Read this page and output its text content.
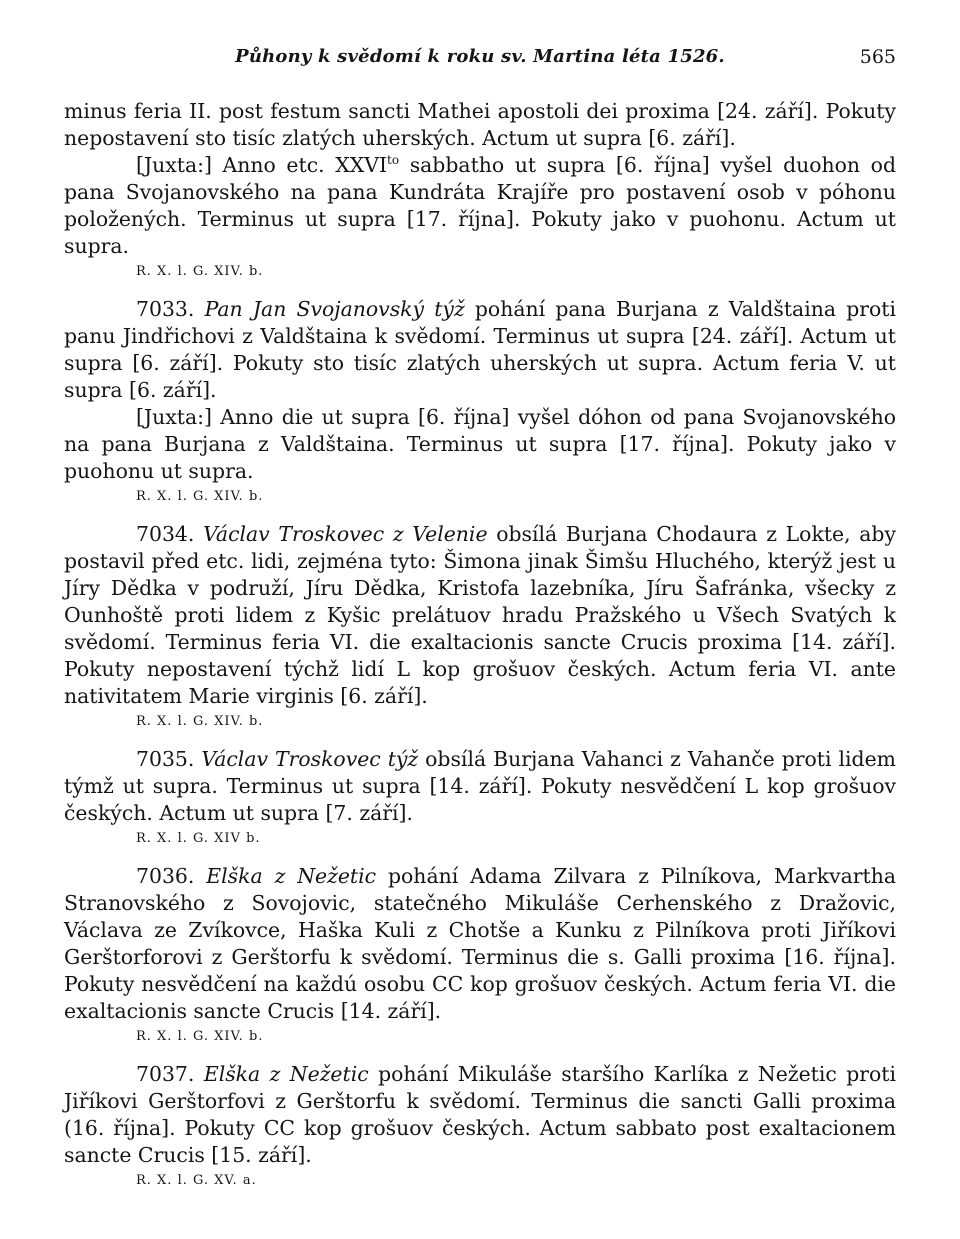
Půhony k svědomí k roku sv. Martina léta 1526.	565

minus feria II. post festum sancti Mathei apostoli dei proxima [24. září]. Pokuty nepostavení sto tisíc zlatých uherských. Actum ut supra [6. září].

[Juxta:] Anno etc. $XXVI^{to}$ sabbatho ut supra [6. října] vyšel duohon od pana Svojanovského na pana Kundráta Krajíře pro postavení osob v póhonu položených. Terminus ut supra [17. října]. Pokuty jako v puohonu. Actum ut supra.

R. X. l. G. XIV. b.

7033. Pan Jan Svojanovský týž pohání pana Burjana z Valdštaina proti panu Jindřichovi z Valdštaina k svědomí. Terminus ut supra [24. září]. Actum ut supra [6. září]. Pokuty sto tisíc zlatých uherských ut supra. Actum feria V. ut supra [6. září].

[Juxta:] Anno die ut supra [6. října] vyšel dóhon od pana Svojanovského na pana Burjana z Valdštaina. Terminus ut supra [17. října]. Pokuty jako v puohonu ut supra.

R. X. l. G. XIV. b.

7034. Václav Troskovec z Velenie obsílá Burjana Chodaura z Lokte, aby postavil před etc. lidi, zejména tyto: Šimona jinak Šimšu Hluchého, kterýž jest u Jíry Dědka v podruží, Jíru Dědka, Kristofa lazebníka, Jíru Šafránka, všecky z Ounhoště proti lidem z Kyšic prelátuov hradu Pražského u Všech Svatých k svědomí. Terminus feria VI. die exaltacionis sancte Crucis proxima [14. září]. Pokuty nepostavení týchž lidí L kop grošuov českých. Actum feria VI. ante nativitatem Marie virginis [6. září].

R. X. l. G. XIV. b.

7035. Václav Troskovec týž obsílá Burjana Vahanci z Vahanče proti lidem týmž ut supra. Terminus ut supra [14. září]. Pokuty nesvědčení L kop grošuov českých. Actum ut supra [7. září].

R. X. l. G. XIV b.

7036. Elška z Nežetic pohání Adama Zilvara z Pilníkova, Markvartha Stranovského z Sovojovic, statečného Mikuláše Cerhenského z Dražovic, Václava ze Zvíkovce, Haška Kuli z Chotše a Kunku z Pilníkova proti Jiříkovi Gerštorforovi z Gerštorfu k svědomí. Terminus die s. Galli proxima [16. října]. Pokuty nesvědčení na každú osobu CC kop grošuov českých. Actum feria VI. die exaltacionis sancte Crucis [14. září].

R. X. l. G. XIV. b.

7037. Elška z Nežetic pohání Mikuláše staršího Karlíka z Nežetic proti Jiříkovi Gerštorfovi z Gerštorfu k svědomí. Terminus die sancti Galli proxima (16. října]. Pokuty CC kop grošuov českých. Actum sabbato post exaltacionem sancte Crucis [15. září].

R. X. l. G. XV. a.
